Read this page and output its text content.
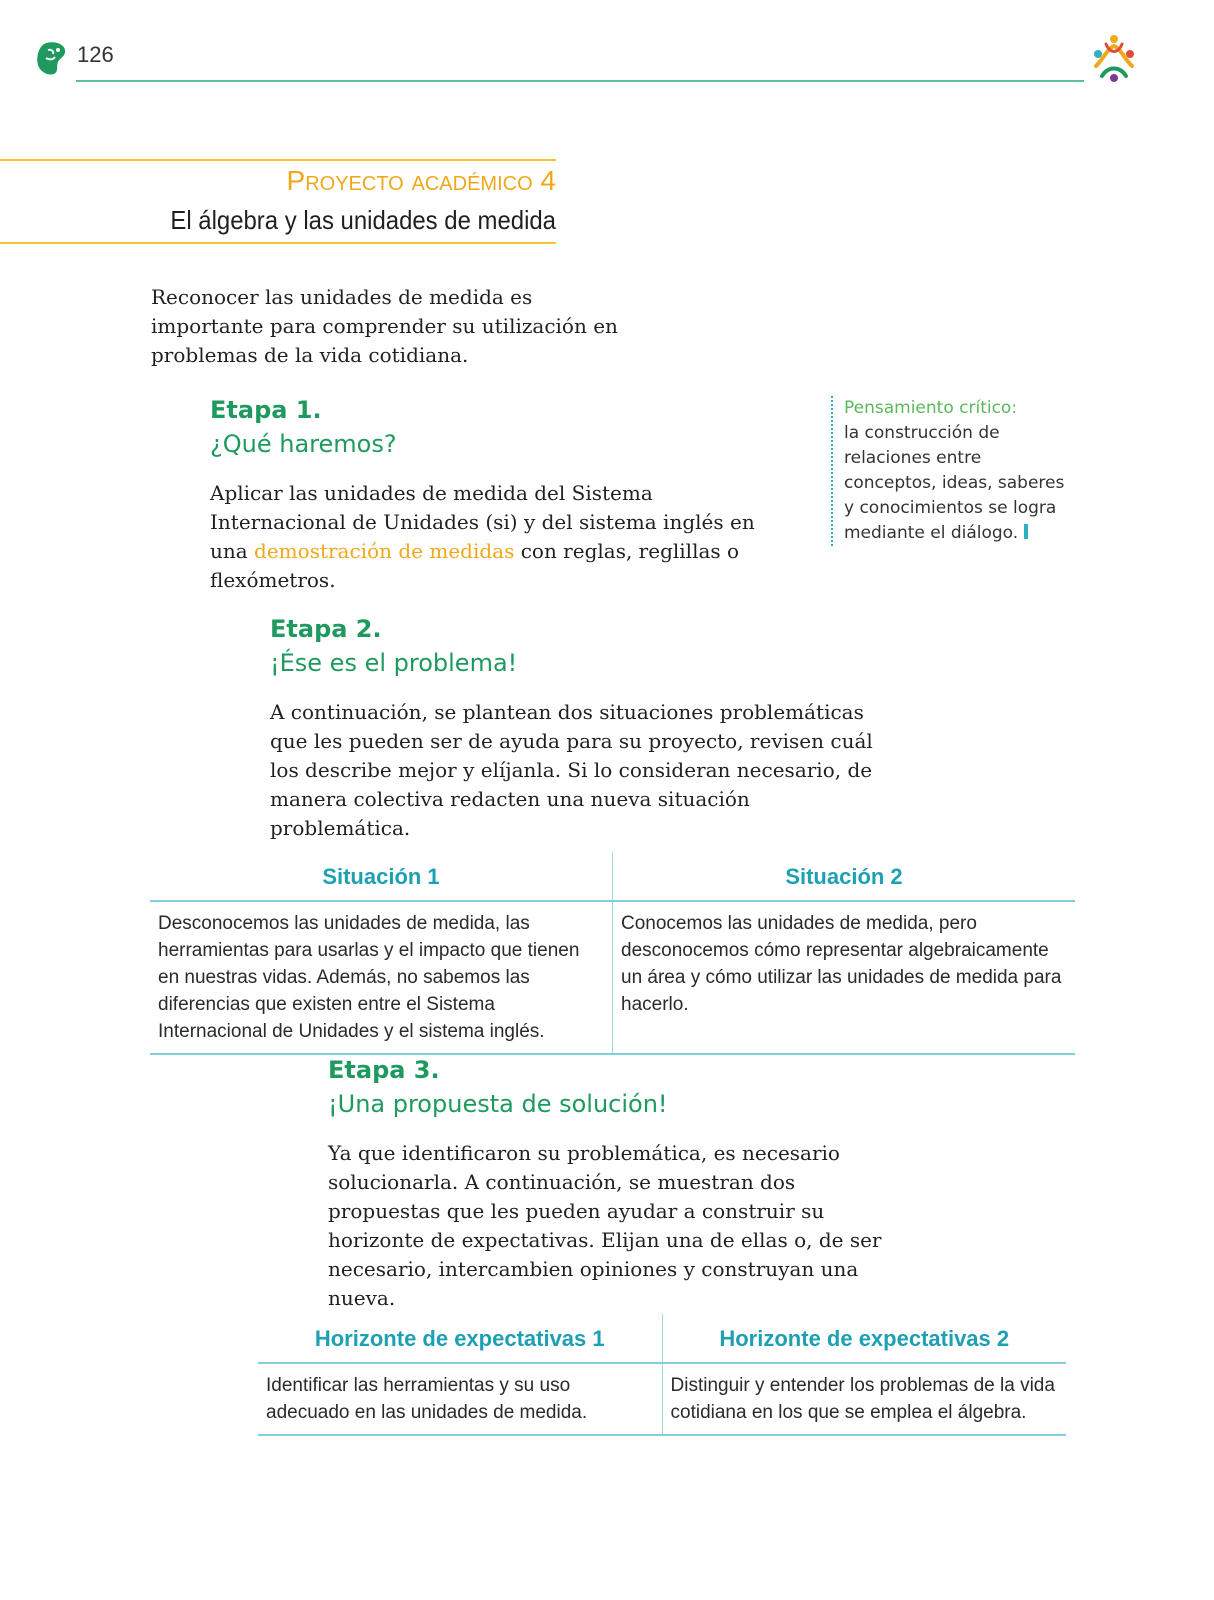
126
Proyecto académico 4
El álgebra y las unidades de medida
Reconocer las unidades de medida es importante para comprender su utilización en problemas de la vida cotidiana.
Etapa 1.
¿Qué haremos?
Aplicar las unidades de medida del Sistema Internacional de Unidades (si) y del sistema inglés en una demostración de medidas con reglas, reglillas o flexómetros.
Pensamiento crítico:
la construcción de relaciones entre conceptos, ideas, saberes y conocimientos se logra mediante el diálogo.
Etapa 2.
¡Ése es el problema!
A continuación, se plantean dos situaciones problemáticas que les pueden ser de ayuda para su proyecto, revisen cuál los describe mejor y elíjanla. Si lo consideran necesario, de manera colectiva redacten una nueva situación problemática.
Situación 1	Situación 2
Desconocemos las unidades de medida, las herramientas para usarlas y el impacto que tienen en nuestras vidas. Además, no sabemos las diferencias que existen entre el Sistema Internacional de Unidades y el sistema inglés.	Conocemos las unidades de medida, pero desconocemos cómo representar algebraicamente un área y cómo utilizar las unidades de medida para hacerlo.
Etapa 3.
¡Una propuesta de solución!
Ya que identificaron su problemática, es necesario solucionarla. A continuación, se muestran dos propuestas que les pueden ayudar a construir su horizonte de expectativas. Elijan una de ellas o, de ser necesario, intercambien opiniones y construyan una nueva.
Horizonte de expectativas 1	Horizonte de expectativas 2
Identificar las herramientas y su uso adecuado en las unidades de medida.	Distinguir y entender los problemas de la vida cotidiana en los que se emplea el álgebra.
